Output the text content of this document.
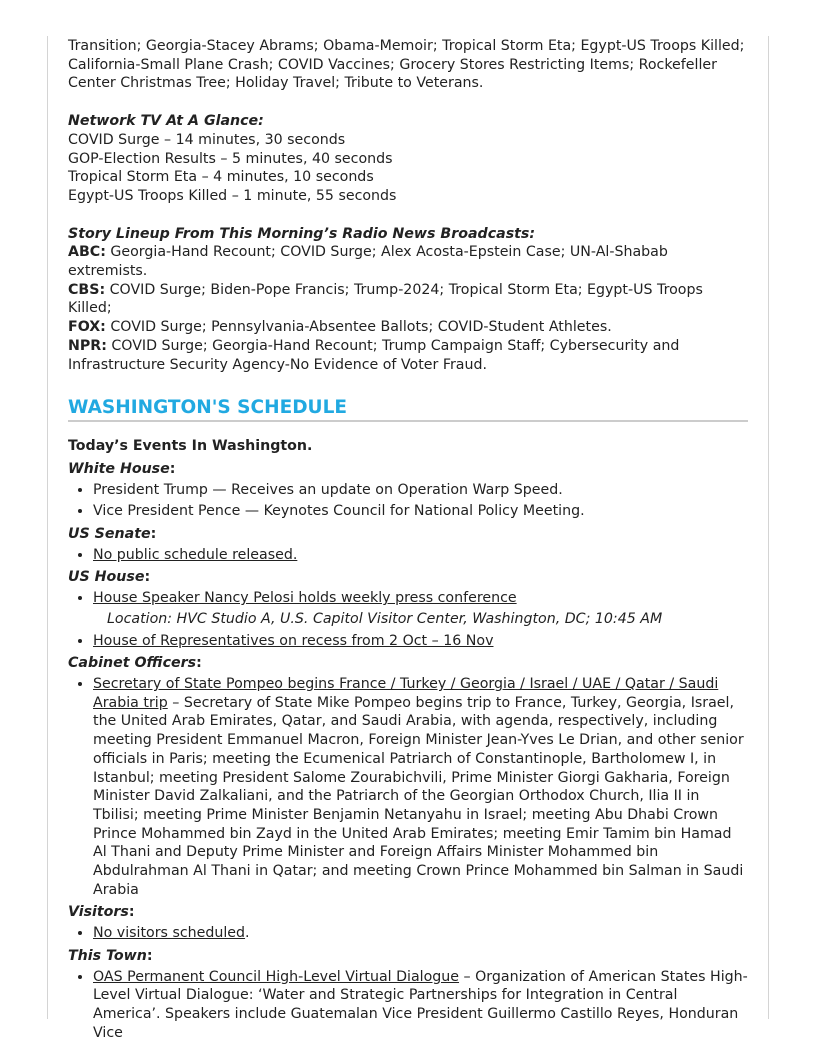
Transition; Georgia-Stacey Abrams; Obama-Memoir; Tropical Storm Eta; Egypt-US Troops Killed; California-Small Plane Crash; COVID Vaccines; Grocery Stores Restricting Items; Rockefeller Center Christmas Tree; Holiday Travel; Tribute to Veterans.

Network TV At A Glance:

COVID Surge – 14 minutes, 30 seconds

GOP-Election Results – 5 minutes, 40 seconds

Tropical Storm Eta – 4 minutes, 10 seconds

Egypt-US Troops Killed – 1 minute, 55 seconds

Story Lineup From This Morning’s Radio News Broadcasts:

ABC: Georgia-Hand Recount; COVID Surge; Alex Acosta-Epstein Case; UN-Al-Shabab extremists.

CBS: COVID Surge; Biden-Pope Francis; Trump-2024; Tropical Storm Eta; Egypt-US Troops Killed;

FOX: COVID Surge; Pennsylvania-Absentee Ballots; COVID-Student Athletes.

NPR: COVID Surge; Georgia-Hand Recount; Trump Campaign Staff; Cybersecurity and Infrastructure Security Agency-No Evidence of Voter Fraud.

WASHINGTON'S SCHEDULE

Today’s Events In Washington.

White House:

• President Trump — Receives an update on Operation Warp Speed.
• Vice President Pence — Keynotes Council for National Policy Meeting.

US Senate:

• No public schedule released.

US House:

• House Speaker Nancy Pelosi holds weekly press conference
Location: HVC Studio A, U.S. Capitol Visitor Center, Washington, DC; 10:45 AM
• House of Representatives on recess from 2 Oct – 16 Nov

Cabinet Officers:

• Secretary of State Pompeo begins France / Turkey / Georgia / Israel / UAE / Qatar / Saudi Arabia trip – Secretary of State Mike Pompeo begins trip to France, Turkey, Georgia, Israel, the United Arab Emirates, Qatar, and Saudi Arabia, with agenda, respectively, including meeting President Emmanuel Macron, Foreign Minister Jean-Yves Le Drian, and other senior officials in Paris; meeting the Ecumenical Patriarch of Constantinople, Bartholomew I, in Istanbul; meeting President Salome Zourabichvili, Prime Minister Giorgi Gakharia, Foreign Minister David Zalkaliani, and the Patriarch of the Georgian Orthodox Church, Ilia II in Tbilisi; meeting Prime Minister Benjamin Netanyahu in Israel; meeting Abu Dhabi Crown Prince Mohammed bin Zayd in the United Arab Emirates; meeting Emir Tamim bin Hamad Al Thani and Deputy Prime Minister and Foreign Affairs Minister Mohammed bin Abdulrahman Al Thani in Qatar; and meeting Crown Prince Mohammed bin Salman in Saudi Arabia

Visitors:

• No visitors scheduled.

This Town:

• OAS Permanent Council High-Level Virtual Dialogue – Organization of American States High-Level Virtual Dialogue: ‘Water and Strategic Partnerships for Integration in Central America’. Speakers include Guatemalan Vice President Guillermo Castillo Reyes, Honduran Vice
